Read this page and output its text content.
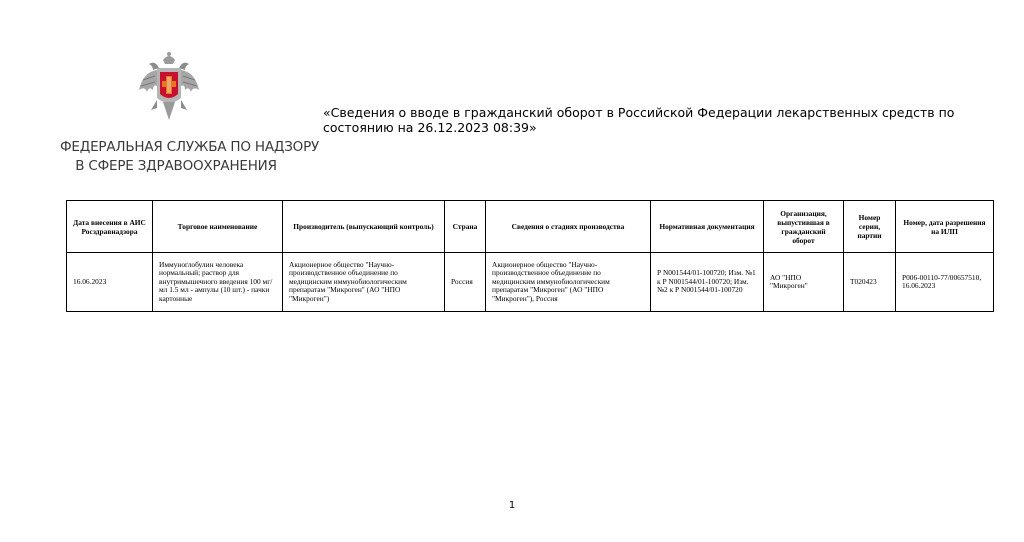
ФЕДЕРАЛЬНАЯ СЛУЖБА ПО НАДЗОРУ
В СФЕРЕ ЗДРАВООХРАНЕНИЯ
«Сведения о вводе в гражданский оборот в Российской Федерации лекарственных средств по состоянию на 26.12.2023 08:39»
Дата внесения в АИС Росздравнадзора	Торговое наименование	Производитель (выпускающий контроль)	Страна	Сведения о стадиях производства	Нормативная документация	Организация, выпустившая в гражданский оборот	Номер серии, партии	Номер, дата разрешения на ИЛП
16.06.2023	Иммуноглобулин человека нормальный; раствор для внутримышечного введения 100 мг/мл 1.5 мл - ампулы (10 шт.) - пачки картонные	Акционерное общество "Научно-производственное объединение по медицинским иммунобиологическим препаратам "Микроген" (АО "НПО "Микроген")	Россия	Акционерное общество "Научно-производственное объединение по медицинским иммунобиологическим препаратам "Микроген" (АО "НПО "Микроген"), Россия	Р N001544/01-100720; Изм. №1 к Р N001544/01-100720; Изм. №2 к Р N001544/01-100720	АО "НПО "Микроген"	Т020423	Р006-00110-77/00657510, 16.06.2023
1
